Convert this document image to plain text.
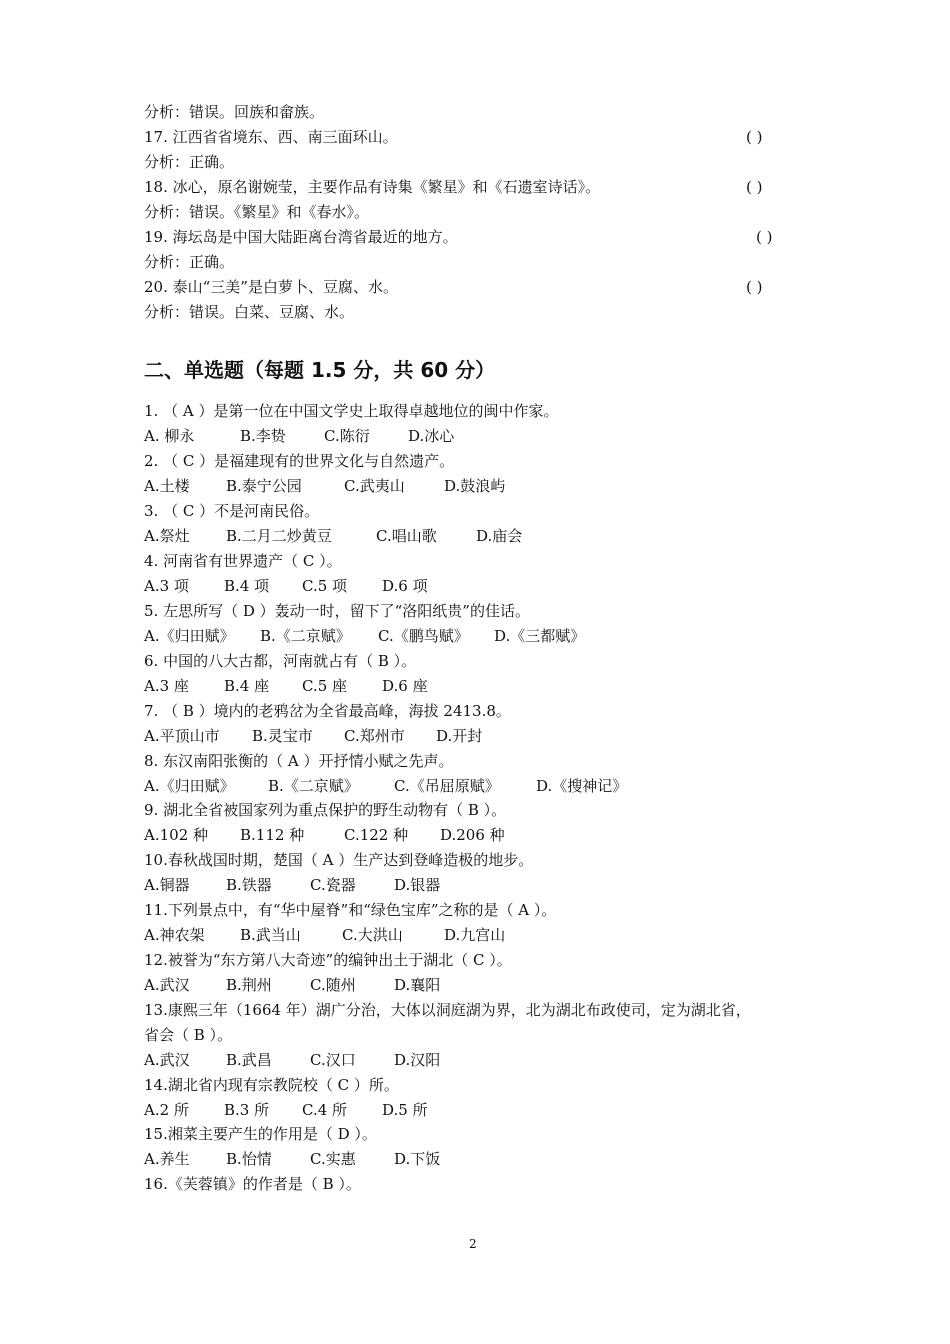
分析：错误。回族和畲族。
17. 江西省省境东、西、南三面环山。	( )
分析：正确。
18. 冰心，原名谢婉莹，主要作品有诗集《繁星》和《石遗室诗话》。	( )
分析：错误。《繁星》和《春水》。
19. 海坛岛是中国大陆距离台湾省最近的地方。	( )
分析：正确。
20. 泰山“三美”是白萝卜、豆腐、水。	( )
分析：错误。白菜、豆腐、水。
二、单选题（每题 1.5 分，共 60 分）
1. （ A ）是第一位在中国文学史上取得卓越地位的闽中作家。
A. 柳永	B.李贽	C.陈衍	D.冰心
2. （ C ）是福建现有的世界文化与自然遗产。
A.土楼 B.泰宁公园	C.武夷山	D.鼓浪屿
3. （ C ）不是河南民俗。
A.祭灶 B.二月二炒黄豆	C.唱山歌	D.庙会
4. 河南省有世界遗产（ C ）。
A.3 项 B.4 项 C.5 项 D.6 项
5. 左思所写（ D ）轰动一时，留下了“洛阳纸贵”的佳话。
A.《归田赋》 B.《二京赋》 C.《鹏鸟赋》 D.《三都赋》
6. 中国的八大古都，河南就占有（ B ）。
A.3 座 B.4 座 C.5 座 D.6 座
7. （ B ）境内的老鸦岔为全省最高峰，海拔 2413.8。
A.平顶山市 B.灵宝市 C.郑州市 D.开封
8. 东汉南阳张衡的（ A ）开抒情小赋之先声。
A.《归田赋》 B.《二京赋》 C.《吊屈原赋》 D.《搜神记》
9. 湖北全省被国家列为重点保护的野生动物有（ B ）。
A.102 种 B.112 种	C.122 种 D.206 种
10.春秋战国时期，楚国（ A ）生产达到登峰造极的地步。
A.铜器 B.铁器	C.瓷器	D.银器
11.下列景点中，有“华中屋脊”和“绿色宝库”之称的是（ A ）。
A.神农架 B.武当山	C.大洪山	D.九宫山
12.被誉为“东方第八大奇迹”的编钟出土于湖北（ C ）。
A.武汉 B.荆州	C.随州	D.襄阳
13.康熙三年（1664 年）湖广分治，大体以洞庭湖为界，北为湖北布政使司，定为湖北省，
省会（ B ）。
A.武汉 B.武昌	C.汉口	D.汉阳
14.湖北省内现有宗教院校（ C ）所。
A.2 所 B.3 所 C.4 所 D.5 所
15.湘菜主要产生的作用是（ D ）。
A.养生 B.怡情	C.实惠	D.下饭
16.《芙蓉镇》的作者是（ B ）。
2
